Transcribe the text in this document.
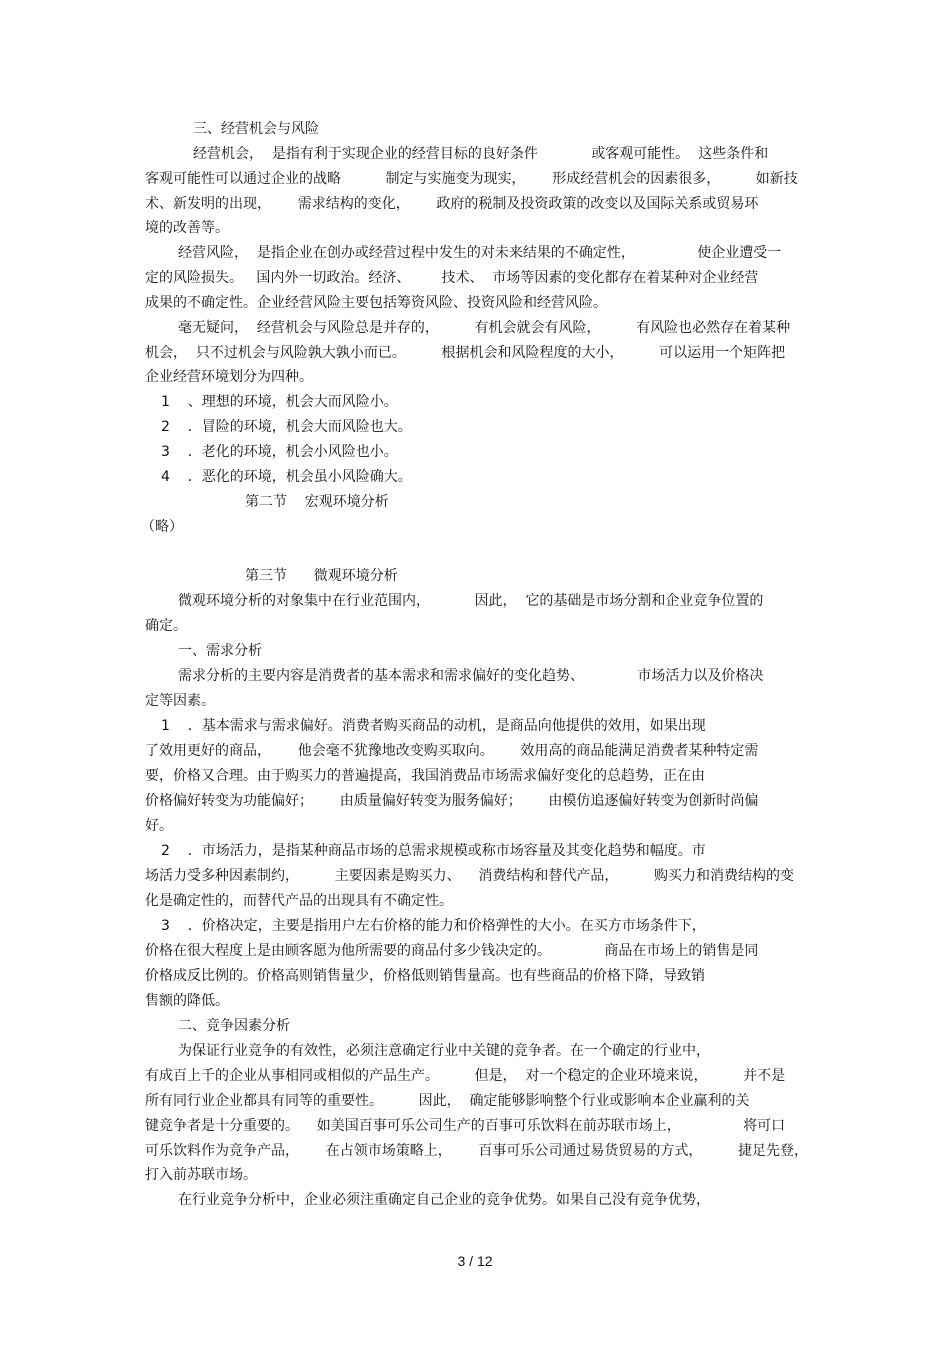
三、经营机会与风险
经营机会，  是指有利于实现企业的经营目标的良好条件            或客观可能性。  这些条件和
客观可能性可以通过企业的战略          制定与实施变为现实，      形成经营机会的因素很多，        如新技
术、新发明的出现，      需求结构的变化，      政府的税制及投资政策的改变以及国际关系或贸易环
境的改善等。
经营风险，  是指企业在创办或经营过程中发生的对未来结果的不确定性，              使企业遭受一
定的风险损失。   国内外一切政治。经济、       技术、  市场等因素的变化都存在着某种对企业经营
成果的不确定性。企业经营风险主要包括筹资风险、投资风险和经营风险。
毫无疑问，  经营机会与风险总是并存的，        有机会就会有风险，        有风险也必然存在着某种
机会，  只不过机会与风险孰大孰小而已。        根据机会和风险程度的大小，        可以运用一个矩阵把
企业经营环境划分为四种。
1    、理想的环境，机会大而风险小。
2    ．冒险的环境，机会大而风险也大。
3    ．老化的环境，机会小风险也小。
4    ．恶化的环境，机会虽小风险确大。
第二节    宏观环境分析
（略）
第三节      微观环境分析
微观环境分析的对象集中在行业范围内，          因此，  它的基础是市场分割和企业竞争位置的
确定。
一、需求分析
需求分析的主要内容是消费者的基本需求和需求偏好的变化趋势、            市场活力以及价格决
定等因素。
1    ．基本需求与需求偏好。消费者购买商品的动机，是商品向他提供的效用，如果出现
了效用更好的商品，      他会毫不犹豫地改变购买取向。      效用高的商品能满足消费者某种特定需
要，价格又合理。由于购买力的普遍提高，我国消费品市场需求偏好变化的总趋势，正在由
价格偏好转变为功能偏好；      由质量偏好转变为服务偏好；      由模仿追逐偏好转变为创新时尚偏
好。
2    ．市场活力，是指某种商品市场的总需求规模或称市场容量及其变化趋势和幅度。市
场活力受多种因素制约，        主要因素是购买力、    消费结构和替代产品，        购买力和消费结构的变
化是确定性的，而替代产品的出现具有不确定性。
3    ．价格决定，主要是指用户左右价格的能力和价格弹性的大小。在买方市场条件下，
价格在很大程度上是由顾客愿为他所需要的商品付多少钱决定的。            商品在市场上的销售是同
价格成反比例的。价格高则销售量少，价格低则销售量高。也有些商品的价格下降，导致销
售额的降低。
二、竞争因素分析
为保证行业竞争的有效性，必须注意确定行业中关键的竞争者。在一个确定的行业中，
有成百上千的企业从事相同或相似的产品生产。        但是，  对一个稳定的企业环境来说，        并不是
所有同行业企业都具有同等的重要性。        因此，  确定能够影响整个行业或影响本企业赢利的关
键竞争者是十分重要的。    如美国百事可乐公司生产的百事可乐饮料在前苏联市场上，              将可口
可乐饮料作为竞争产品，      在占领市场策略上，      百事可乐公司通过易货贸易的方式，        捷足先登，
打入前苏联市场。
在行业竞争分析中，企业必须注重确定自己企业的竞争优势。如果自己没有竞争优势，
3 / 12
